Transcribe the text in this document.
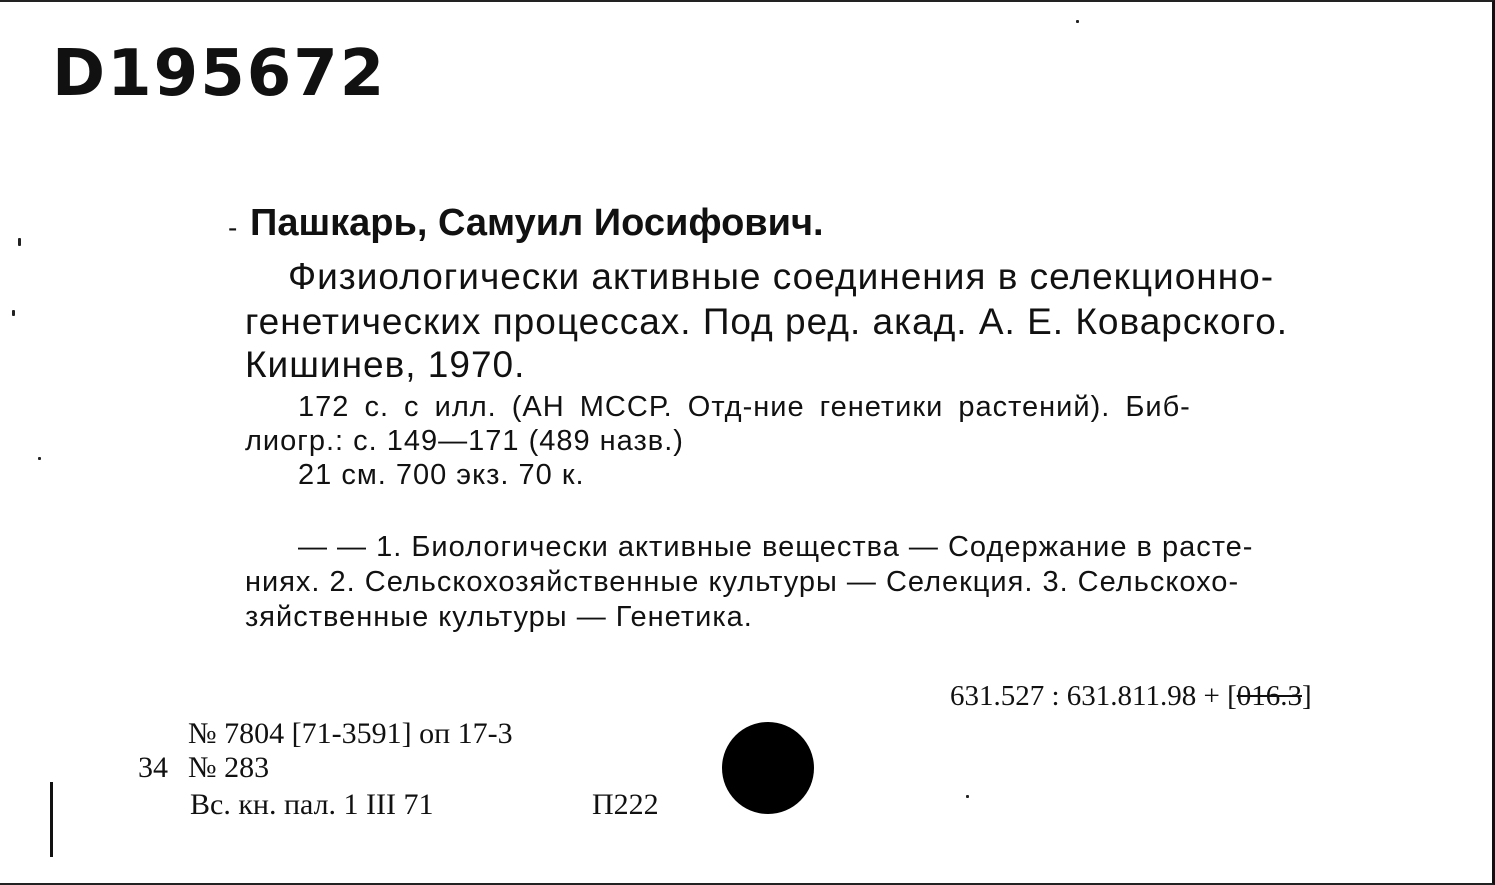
D195672
- Пашкарь, Самуил Иосифович.
Физиологически активные соединения в селекционно-
генетических процессах. Под ред. акад. А. Е. Коварского.
Кишинев, 1970.
172 с. с илл. (АН МССР. Отд-ние генетики растений). Биб-
лиогр.: с. 149—171 (489 назв.)
21 см. 700 экз. 70 к.
— — 1. Биологически активные вещества — Содержание в расте-
ниях. 2. Сельскохозяйственные культуры — Селекция. 3. Сельскохо-
зяйственные культуры — Генетика.
631.527 : 631.811.98 + [016.3]
№ 7804 [71-3591] оп 17-3
34 № 283
Вс. кн. пал. 1 III 71	П222
